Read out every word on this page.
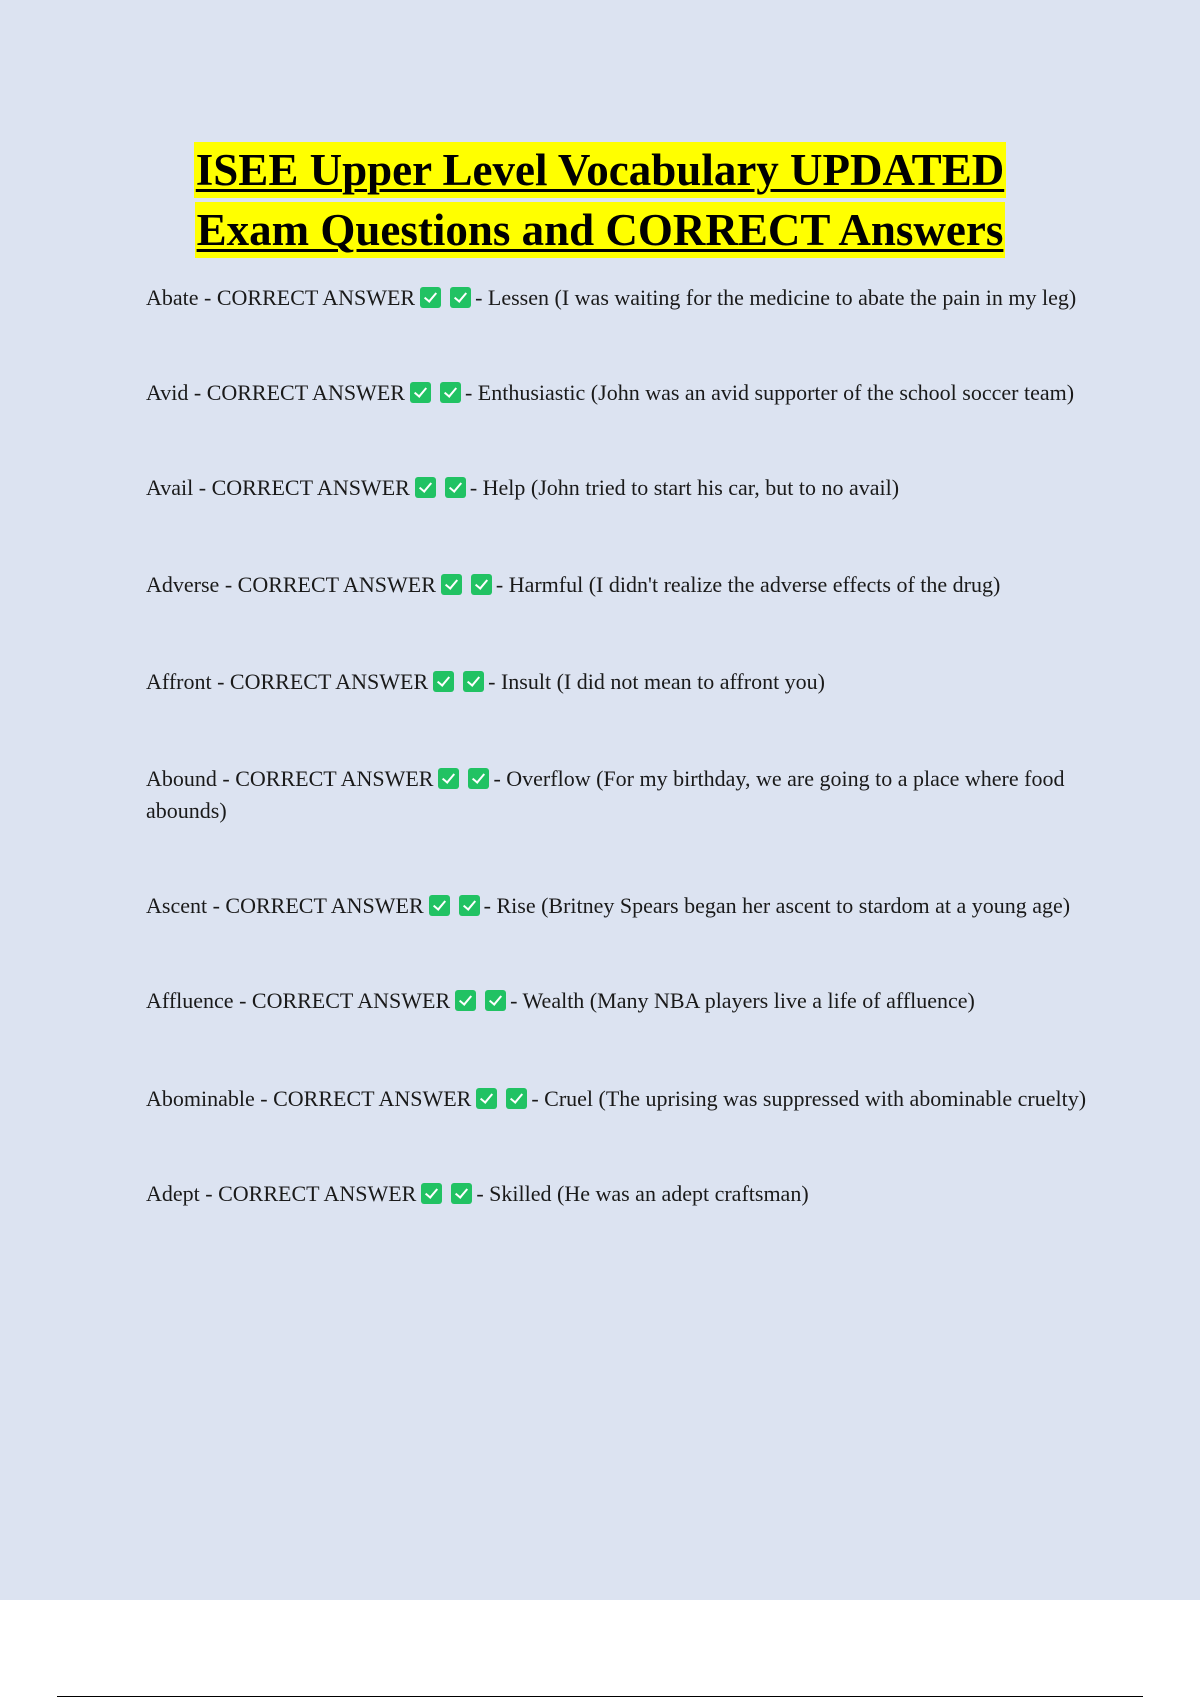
ISEE Upper Level Vocabulary UPDATED
Exam Questions and CORRECT Answers
Abate - CORRECT ANSWER	- Lessen (I was waiting for the medicine to abate the pain in my leg)
Avid - CORRECT ANSWER	- Enthusiastic (John was an avid supporter of the school soccer team)
Avail - CORRECT ANSWER	- Help (John tried to start his car, but to no avail)
Adverse - CORRECT ANSWER	- Harmful (I didn't realize the adverse effects of the drug)
Affront - CORRECT ANSWER	- Insult (I did not mean to affront you)
Abound - CORRECT ANSWER	- Overflow (For my birthday, we are going to a place where food abounds)
Ascent - CORRECT ANSWER	- Rise (Britney Spears began her ascent to stardom at a young age)
Affluence - CORRECT ANSWER	- Wealth (Many NBA players live a life of affluence)
Abominable - CORRECT ANSWER	- Cruel (The uprising was suppressed with abominable cruelty)
Adept - CORRECT ANSWER	- Skilled (He was an adept craftsman)
